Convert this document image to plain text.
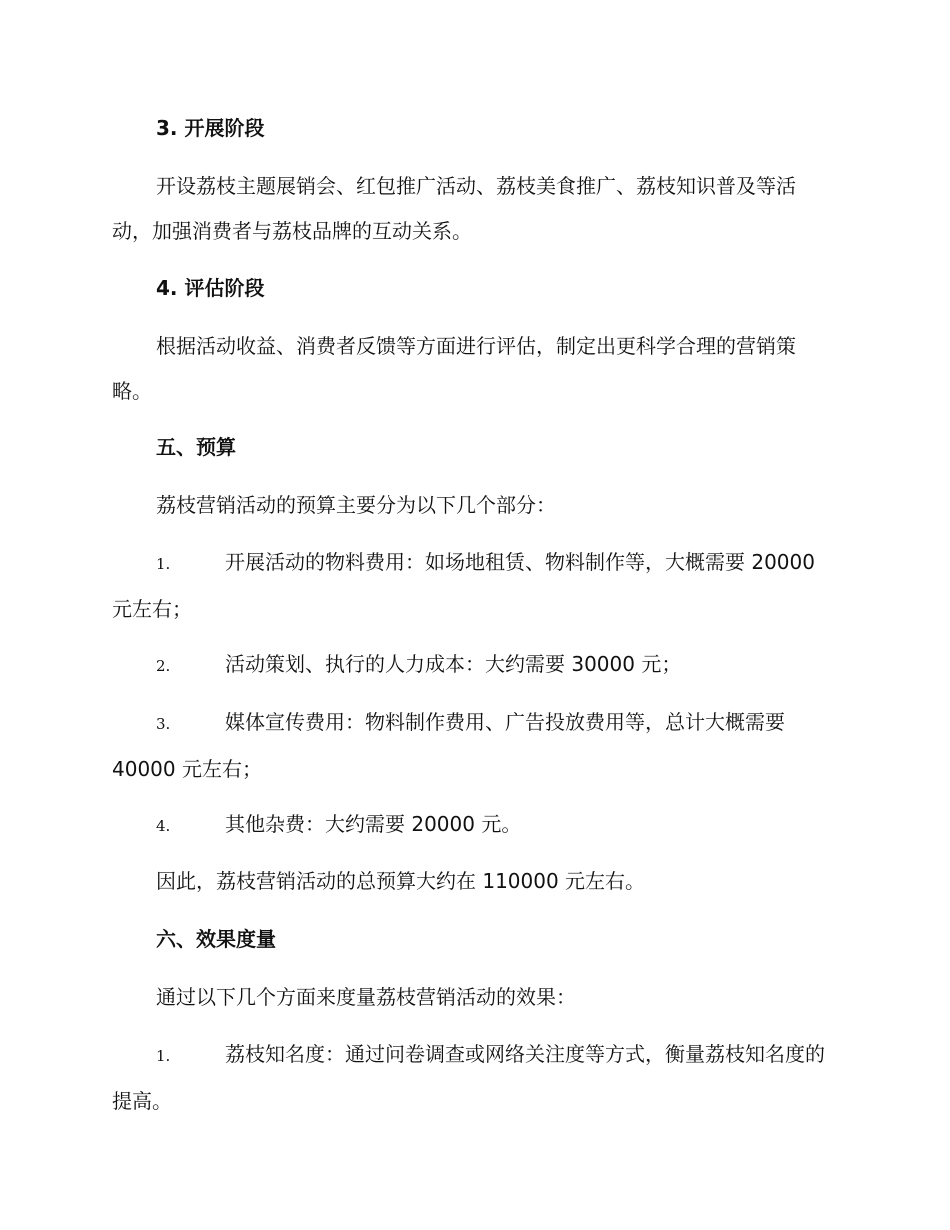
3. 开展阶段
开设荔枝主题展销会、红包推广活动、荔枝美食推广、荔枝知识普及等活动，加强消费者与荔枝品牌的互动关系。
4. 评估阶段
根据活动收益、消费者反馈等方面进行评估，制定出更科学合理的营销策略。
五、预算
荔枝营销活动的预算主要分为以下几个部分：
1.	开展活动的物料费用：如场地租赁、物料制作等，大概需要 20000 元左右；
2.	活动策划、执行的人力成本：大约需要 30000 元；
3.	媒体宣传费用：物料制作费用、广告投放费用等，总计大概需要 40000 元左右；
4.	其他杂费：大约需要 20000 元。
因此，荔枝营销活动的总预算大约在 110000 元左右。
六、效果度量
通过以下几个方面来度量荔枝营销活动的效果：
1.	荔枝知名度：通过问卷调查或网络关注度等方式，衡量荔枝知名度的提高。
